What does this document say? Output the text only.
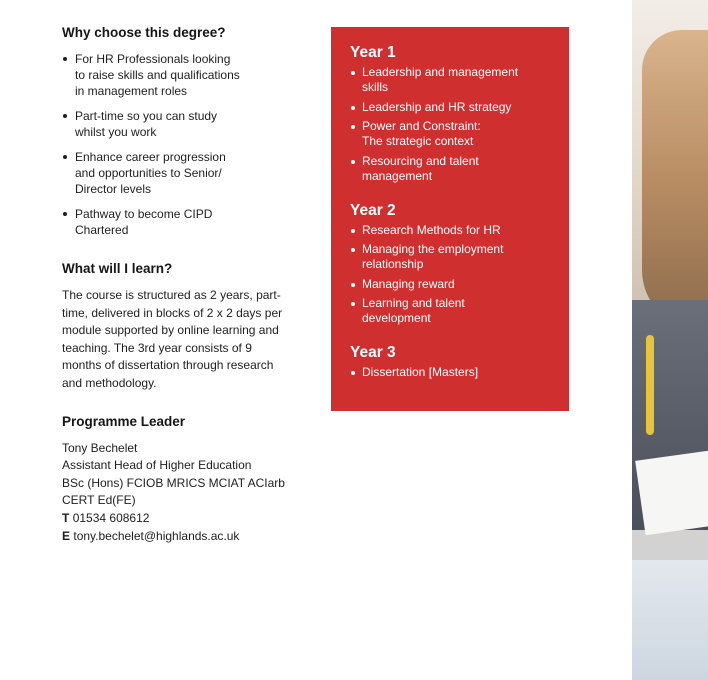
Why choose this degree?
For HR Professionals looking
to raise skills and qualifications
in management roles
Part-time so you can study
whilst you work
Enhance career progression
and opportunities to Senior/
Director levels
Pathway to become CIPD
Chartered
What will I learn?

The course is structured as 2 years, part-time, delivered in blocks of 2 x 2 days per module supported by online learning and teaching. The 3rd year consists of 9 months of dissertation through research and methodology.

Programme Leader
Tony Bechelet
Assistant Head of Higher Education
BSc (Hons) FCIOB MRICS MCIAT ACIarb
CERT Ed(FE)
T 01534 608612
E tony.bechelet@highlands.ac.uk
Year 1
Leadership and management
skills
Leadership and HR strategy
Power and Constraint:
The strategic context
Resourcing and talent
management
Year 2
Research Methods for HR
Managing the employment
relationship
Managing reward
Learning and talent
development
Year 3
Dissertation [Masters]
